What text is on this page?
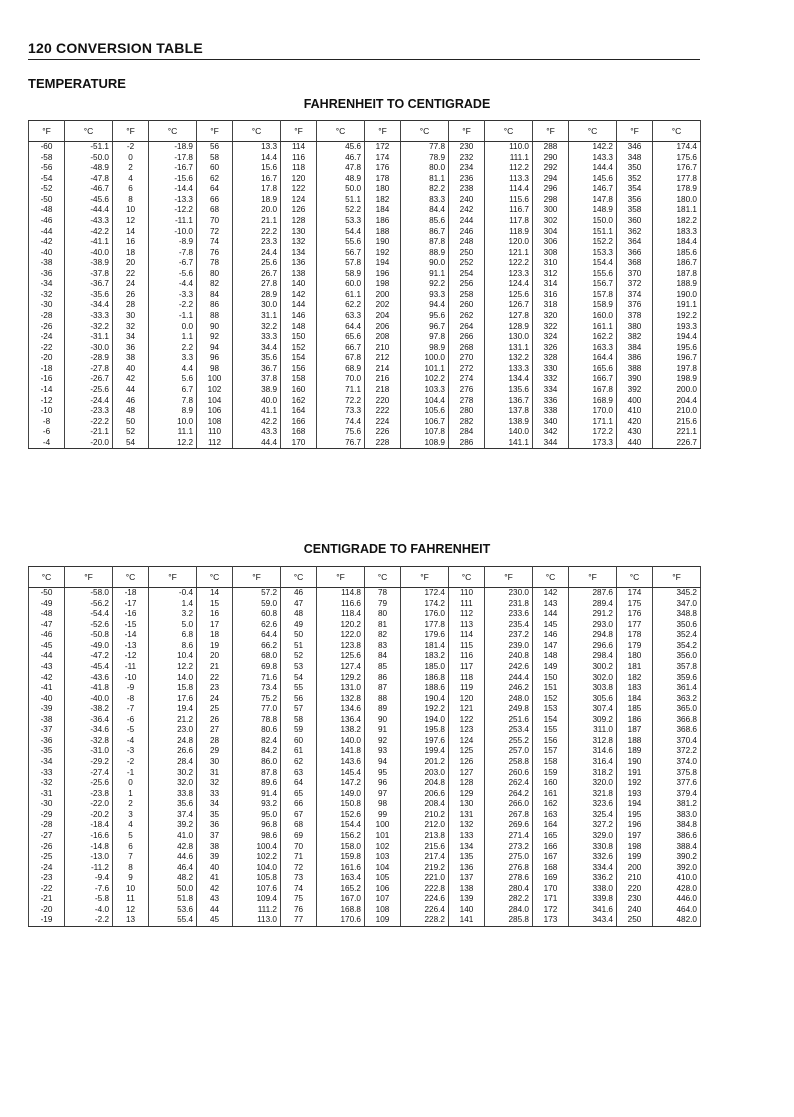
120 CONVERSION TABLE
TEMPERATURE
FAHRENHEIT TO CENTIGRADE
°F	°C	°F	°C	°F	°C	°F	°C	°F	°C	°F	°C	°F	°C	°F	°C
-60	-51.1	-2	-18.9	56	13.3	114	45.6	172	77.8	230	110.0	288	142.2	346	174.4
-58	-50.0	0	-17.8	58	14.4	116	46.7	174	78.9	232	111.1	290	143.3	348	175.6
-56	-48.9	2	-16.7	60	15.6	118	47.8	176	80.0	234	112.2	292	144.4	350	176.7
-54	-47.8	4	-15.6	62	16.7	120	48.9	178	81.1	236	113.3	294	145.6	352	177.8
-52	-46.7	6	-14.4	64	17.8	122	50.0	180	82.2	238	114.4	296	146.7	354	178.9
-50	-45.6	8	-13.3	66	18.9	124	51.1	182	83.3	240	115.6	298	147.8	356	180.0
-48	-44.4	10	-12.2	68	20.0	126	52.2	184	84.4	242	116.7	300	148.9	358	181.1
-46	-43.3	12	-11.1	70	21.1	128	53.3	186	85.6	244	117.8	302	150.0	360	182.2
-44	-42.2	14	-10.0	72	22.2	130	54.4	188	86.7	246	118.9	304	151.1	362	183.3
-42	-41.1	16	-8.9	74	23.3	132	55.6	190	87.8	248	120.0	306	152.2	364	184.4
-40	-40.0	18	-7.8	76	24.4	134	56.7	192	88.9	250	121.1	308	153.3	366	185.6
-38	-38.9	20	-6.7	78	25.6	136	57.8	194	90.0	252	122.2	310	154.4	368	186.7
-36	-37.8	22	-5.6	80	26.7	138	58.9	196	91.1	254	123.3	312	155.6	370	187.8
-34	-36.7	24	-4.4	82	27.8	140	60.0	198	92.2	256	124.4	314	156.7	372	188.9
-32	-35.6	26	-3.3	84	28.9	142	61.1	200	93.3	258	125.6	316	157.8	374	190.0
-30	-34.4	28	-2.2	86	30.0	144	62.2	202	94.4	260	126.7	318	158.9	376	191.1
-28	-33.3	30	-1.1	88	31.1	146	63.3	204	95.6	262	127.8	320	160.0	378	192.2
-26	-32.2	32	0.0	90	32.2	148	64.4	206	96.7	264	128.9	322	161.1	380	193.3
-24	-31.1	34	1.1	92	33.3	150	65.6	208	97.8	266	130.0	324	162.2	382	194.4
-22	-30.0	36	2.2	94	34.4	152	66.7	210	98.9	268	131.1	326	163.3	384	195.6
-20	-28.9	38	3.3	96	35.6	154	67.8	212	100.0	270	132.2	328	164.4	386	196.7
-18	-27.8	40	4.4	98	36.7	156	68.9	214	101.1	272	133.3	330	165.6	388	197.8
-16	-26.7	42	5.6	100	37.8	158	70.0	216	102.2	274	134.4	332	166.7	390	198.9
-14	-25.6	44	6.7	102	38.9	160	71.1	218	103.3	276	135.6	334	167.8	392	200.0
-12	-24.4	46	7.8	104	40.0	162	72.2	220	104.4	278	136.7	336	168.9	400	204.4
-10	-23.3	48	8.9	106	41.1	164	73.3	222	105.6	280	137.8	338	170.0	410	210.0
-8	-22.2	50	10.0	108	42.2	166	74.4	224	106.7	282	138.9	340	171.1	420	215.6
-6	-21.1	52	11.1	110	43.3	168	75.6	226	107.8	284	140.0	342	172.2	430	221.1
-4	-20.0	54	12.2	112	44.4	170	76.7	228	108.9	286	141.1	344	173.3	440	226.7
CENTIGRADE TO FAHRENHEIT
°C	°F	°C	°F	°C	°F	°C	°F	°C	°F	°C	°F	°C	°F	°C	°F
-50	-58.0	-18	-0.4	14	57.2	46	114.8	78	172.4	110	230.0	142	287.6	174	345.2
-49	-56.2	-17	1.4	15	59.0	47	116.6	79	174.2	111	231.8	143	289.4	175	347.0
-48	-54.4	-16	3.2	16	60.8	48	118.4	80	176.0	112	233.6	144	291.2	176	348.8
-47	-52.6	-15	5.0	17	62.6	49	120.2	81	177.8	113	235.4	145	293.0	177	350.6
-46	-50.8	-14	6.8	18	64.4	50	122.0	82	179.6	114	237.2	146	294.8	178	352.4
-45	-49.0	-13	8.6	19	66.2	51	123.8	83	181.4	115	239.0	147	296.6	179	354.2
-44	-47.2	-12	10.4	20	68.0	52	125.6	84	183.2	116	240.8	148	298.4	180	356.0
-43	-45.4	-11	12.2	21	69.8	53	127.4	85	185.0	117	242.6	149	300.2	181	357.8
-42	-43.6	-10	14.0	22	71.6	54	129.2	86	186.8	118	244.4	150	302.0	182	359.6
-41	-41.8	-9	15.8	23	73.4	55	131.0	87	188.6	119	246.2	151	303.8	183	361.4
-40	-40.0	-8	17.6	24	75.2	56	132.8	88	190.4	120	248.0	152	305.6	184	363.2
-39	-38.2	-7	19.4	25	77.0	57	134.6	89	192.2	121	249.8	153	307.4	185	365.0
-38	-36.4	-6	21.2	26	78.8	58	136.4	90	194.0	122	251.6	154	309.2	186	366.8
-37	-34.6	-5	23.0	27	80.6	59	138.2	91	195.8	123	253.4	155	311.0	187	368.6
-36	-32.8	-4	24.8	28	82.4	60	140.0	92	197.6	124	255.2	156	312.8	188	370.4
-35	-31.0	-3	26.6	29	84.2	61	141.8	93	199.4	125	257.0	157	314.6	189	372.2
-34	-29.2	-2	28.4	30	86.0	62	143.6	94	201.2	126	258.8	158	316.4	190	374.0
-33	-27.4	-1	30.2	31	87.8	63	145.4	95	203.0	127	260.6	159	318.2	191	375.8
-32	-25.6	0	32.0	32	89.6	64	147.2	96	204.8	128	262.4	160	320.0	192	377.6
-31	-23.8	1	33.8	33	91.4	65	149.0	97	206.6	129	264.2	161	321.8	193	379.4
-30	-22.0	2	35.6	34	93.2	66	150.8	98	208.4	130	266.0	162	323.6	194	381.2
-29	-20.2	3	37.4	35	95.0	67	152.6	99	210.2	131	267.8	163	325.4	195	383.0
-28	-18.4	4	39.2	36	96.8	68	154.4	100	212.0	132	269.6	164	327.2	196	384.8
-27	-16.6	5	41.0	37	98.6	69	156.2	101	213.8	133	271.4	165	329.0	197	386.6
-26	-14.8	6	42.8	38	100.4	70	158.0	102	215.6	134	273.2	166	330.8	198	388.4
-25	-13.0	7	44.6	39	102.2	71	159.8	103	217.4	135	275.0	167	332.6	199	390.2
-24	-11.2	8	46.4	40	104.0	72	161.6	104	219.2	136	276.8	168	334.4	200	392.0
-23	-9.4	9	48.2	41	105.8	73	163.4	105	221.0	137	278.6	169	336.2	210	410.0
-22	-7.6	10	50.0	42	107.6	74	165.2	106	222.8	138	280.4	170	338.0	220	428.0
-21	-5.8	11	51.8	43	109.4	75	167.0	107	224.6	139	282.2	171	339.8	230	446.0
-20	-4.0	12	53.6	44	111.2	76	168.8	108	226.4	140	284.0	172	341.6	240	464.0
-19	-2.2	13	55.4	45	113.0	77	170.6	109	228.2	141	285.8	173	343.4	250	482.0
